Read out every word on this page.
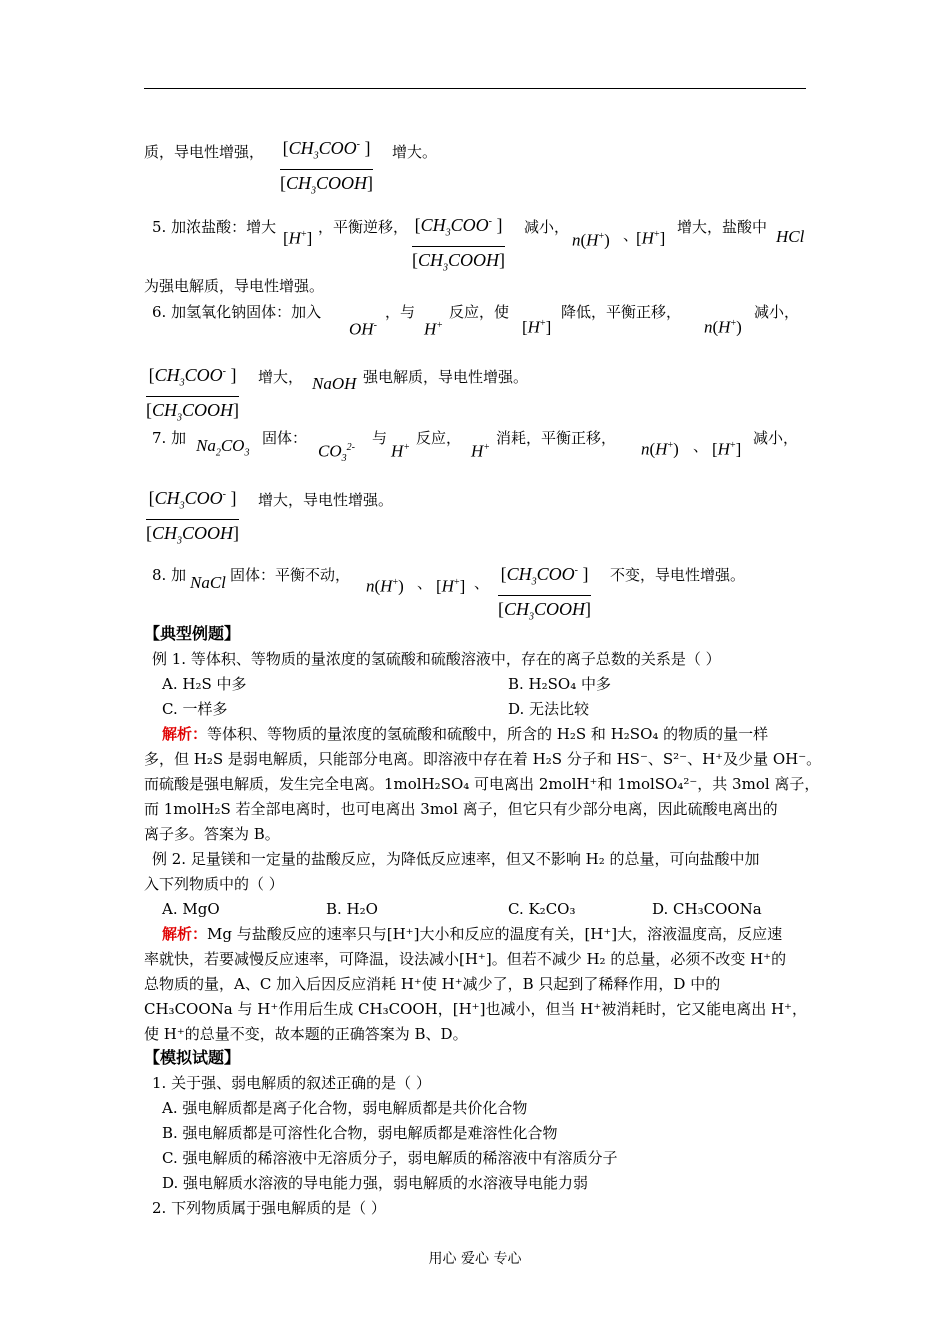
质，导电性增强， [$CH_3COO^-$ ]
$[CH_3COOH]$
增大。
5. 加浓盐酸：增大
[H+]
，平衡逆移， [$CH_3COO^-$ ]
$[CH_3COOH]$
减小，
n(H+) 、
[H+]
增大，盐酸中 HCl
为强电解质，导电性增强。
6. 加氢氧化钠固体：加入
OH-
，与
H+
反应，使
[H+]
降低，平衡正移，
n(H+)
减小，
[$CH_3COO^-$ ]
$[CH_3COOH]$
增大， NaOH 强电解质，导电性增强。
7. 加 $Na_2CO_3$
固体：
$CO_3^{2-}$
与
H+
反应，
H+
消耗，平衡正移，
n(H+) 、 [H+]
减小，
[$CH_3COO^-$ ]
$[CH_3COOH]$
增大，导电性增强。
8. 加 NaCl 固体：平衡不动，
n(H+) 、 [H+] 、 [$CH_3COO^-$ ]
$[CH_3COOH]$
不变，导电性增强。
【典型例题】
例 1. 等体积、等物质的量浓度的氢硫酸和硫酸溶液中，存在的离子总数的关系是（ ）
A. H₂S 中多	B. H₂SO₄ 中多
C. 一样多	D. 无法比较
解析：等体积、等物质的量浓度的氢硫酸和硫酸中，所含的 H₂S 和 H₂SO₄ 的物质的量一样
多，但 H₂S 是弱电解质，只能部分电离。即溶液中存在着 H₂S 分子和 HS⁻、S²⁻、H⁺及少量 OH⁻。
而硫酸是强电解质，发生完全电离。1molH₂SO₄ 可电离出 2molH⁺和 1molSO₄²⁻，共 3mol 离子，
而 1molH₂S 若全部电离时，也可电离出 3mol 离子，但它只有少部分电离，因此硫酸电离出的
离子多。答案为 B。
例 2. 足量镁和一定量的盐酸反应，为降低反应速率，但又不影响 H₂ 的总量，可向盐酸中加
入下列物质中的（ ）
A. MgO	B. H₂O	C. K₂CO₃	D. CH₃COONa
解析：Mg 与盐酸反应的速率只与[H⁺]大小和反应的温度有关，[H⁺]大，溶液温度高，反应速
率就快，若要减慢反应速率，可降温，设法减小[H⁺]。但若不减少 H₂ 的总量，必须不改变 H⁺的
总物质的量，A、C 加入后因反应消耗 H⁺使 H⁺减少了，B 只起到了稀释作用，D 中的
CH₃COONa 与 H⁺作用后生成 CH₃COOH，[H⁺]也减小，但当 H⁺被消耗时，它又能电离出 H⁺，
使 H⁺的总量不变，故本题的正确答案为 B、D。
【模拟试题】
1. 关于强、弱电解质的叙述正确的是（ ）
A. 强电解质都是离子化合物，弱电解质都是共价化合物
B. 强电解质都是可溶性化合物，弱电解质都是难溶性化合物
C. 强电解质的稀溶液中无溶质分子，弱电解质的稀溶液中有溶质分子
D. 强电解质水溶液的导电能力强，弱电解质的水溶液导电能力弱
2. 下列物质属于强电解质的是（ ）
用心 爱心 专心
